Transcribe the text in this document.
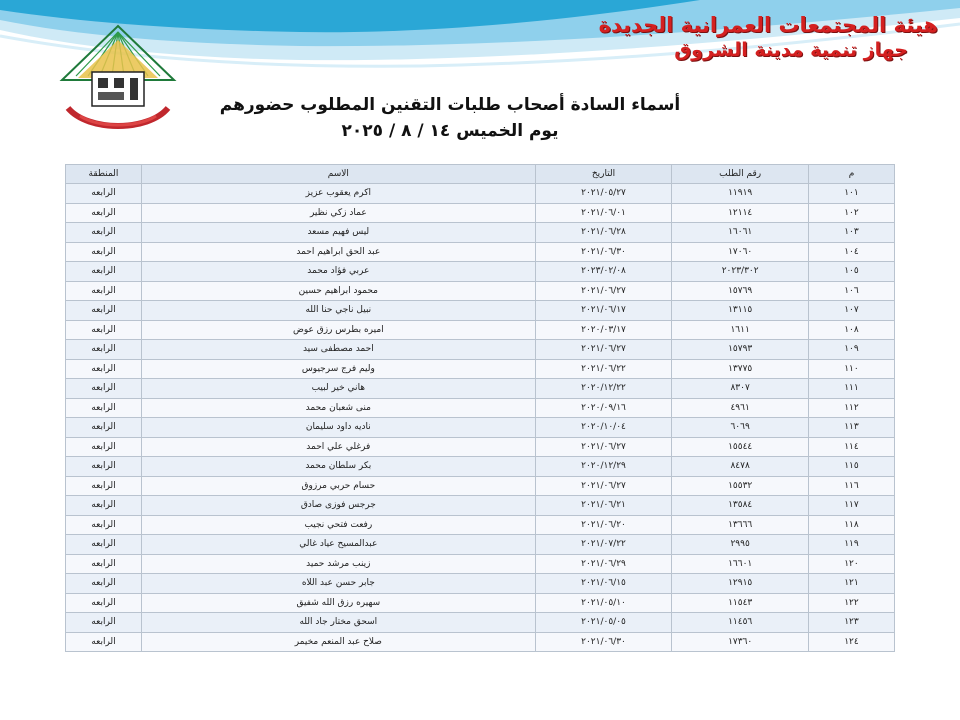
هيئة المجتمعات العمرانية الجديدة
جهاز تنمية مدينة الشروق
أسماء السادة أصحاب طلبات التقنين المطلوب حضورهم
يوم الخميس ١٤ / ٨ / ٢٠٢٥
م	رقم الطلب	التاريخ	الاسم	المنطقة
١٠١	١١٩١٩	٢٠٢١/٠٥/٢٧	اكرم يعقوب عزيز	الرابعه
١٠٢	١٢١١٤	٢٠٢١/٠٦/٠١	عماد زكي نظير	الرابعه
١٠٣	١٦٠٦١	٢٠٢١/٠٦/٢٨	ليس فهيم مسعد	الرابعه
١٠٤	١٧٠٦٠	٢٠٢١/٠٦/٣٠	عبد الحق ابراهيم احمد	الرابعه
١٠٥	٢٠٢٣/٣٠٢	٢٠٢٣/٠٢/٠٨	عربي فؤاد محمد	الرابعه
١٠٦	١٥٧٦٩	٢٠٢١/٠٦/٢٧	محمود ابراهيم حسين	الرابعه
١٠٧	١٣١١٥	٢٠٢١/٠٦/١٧	نبيل ناجي حنا الله	الرابعه
١٠٨	١٦١١	٢٠٢٠/٠٣/١٧	اميره بطرس رزق عوض	الرابعه
١٠٩	١٥٧٩٣	٢٠٢١/٠٦/٢٧	احمد مصطفى سيد	الرابعه
١١٠	١٣٧٧٥	٢٠٢١/٠٦/٢٢	وليم فرج سرجيوس	الرابعه
١١١	٨٣٠٧	٢٠٢٠/١٢/٢٢	هاني خير لبيب	الرابعه
١١٢	٤٩٦١	٢٠٢٠/٠٩/١٦	منى شعبان محمد	الرابعه
١١٣	٦٠٦٩	٢٠٢٠/١٠/٠٤	ناديه داود سليمان	الرابعه
١١٤	١٥٥٤٤	٢٠٢١/٠٦/٢٧	فرغلي علي احمد	الرابعه
١١٥	٨٤٧٨	٢٠٢٠/١٢/٢٩	بكر سلطان محمد	الرابعه
١١٦	١٥٥٣٢	٢٠٢١/٠٦/٢٧	حسام حربي مرزوق	الرابعه
١١٧	١٣٥٨٤	٢٠٢١/٠٦/٢١	جرجس فوزى صادق	الرابعه
١١٨	١٣٦٦٦	٢٠٢١/٠٦/٢٠	رفعت فتحي نجيب	الرابعه
١١٩	٢٩٩٥	٢٠٢١/٠٧/٢٢	عبدالمسيح عياد غالي	الرابعه
١٢٠	١٦٦٠١	٢٠٢١/٠٦/٢٩	زينب مرشد حميد	الرابعه
١٢١	١٢٩١٥	٢٠٢١/٠٦/١٥	جابر حسن عبد اللاه	الرابعه
١٢٢	١١٥٤٣	٢٠٢١/٠٥/١٠	سهيره رزق الله شفيق	الرابعه
١٢٣	١١٤٥٦	٢٠٢١/٠٥/٠٥	اسحق مختار جاد الله	الرابعه
١٢٤	١٧٣٦٠	٢٠٢١/٠٦/٣٠	صلاح عبد المنعم مخيمر	الرابعه
